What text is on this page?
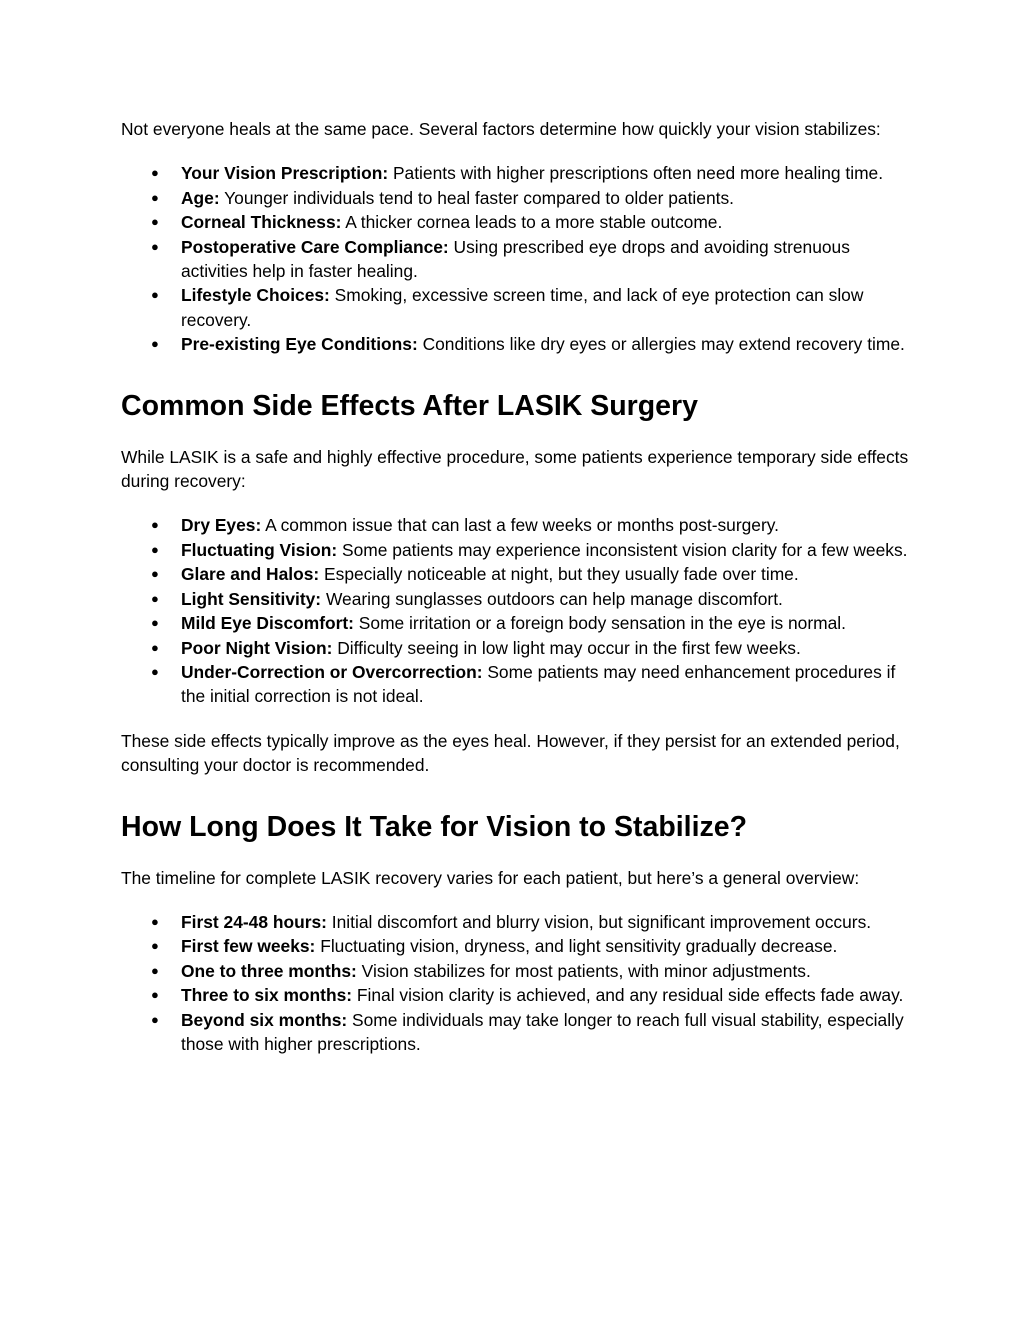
Not everyone heals at the same pace. Several factors determine how quickly your vision stabilizes:

● Your Vision Prescription: Patients with higher prescriptions often need more healing time.
● Age: Younger individuals tend to heal faster compared to older patients.
● Corneal Thickness: A thicker cornea leads to a more stable outcome.
● Postoperative Care Compliance: Using prescribed eye drops and avoiding strenuous activities help in faster healing.
● Lifestyle Choices: Smoking, excessive screen time, and lack of eye protection can slow recovery.
● Pre-existing Eye Conditions: Conditions like dry eyes or allergies may extend recovery time.
Common Side Effects After LASIK Surgery

While LASIK is a safe and highly effective procedure, some patients experience temporary side effects during recovery:

● Dry Eyes: A common issue that can last a few weeks or months post-surgery.
● Fluctuating Vision: Some patients may experience inconsistent vision clarity for a few weeks.
● Glare and Halos: Especially noticeable at night, but they usually fade over time.
● Light Sensitivity: Wearing sunglasses outdoors can help manage discomfort.
● Mild Eye Discomfort: Some irritation or a foreign body sensation in the eye is normal.
● Poor Night Vision: Difficulty seeing in low light may occur in the first few weeks.
● Under-Correction or Overcorrection: Some patients may need enhancement procedures if the initial correction is not ideal.

These side effects typically improve as the eyes heal. However, if they persist for an extended period, consulting your doctor is recommended.

How Long Does It Take for Vision to Stabilize?

The timeline for complete LASIK recovery varies for each patient, but here’s a general overview:

● First 24-48 hours: Initial discomfort and blurry vision, but significant improvement occurs.
● First few weeks: Fluctuating vision, dryness, and light sensitivity gradually decrease.
● One to three months: Vision stabilizes for most patients, with minor adjustments.
● Three to six months: Final vision clarity is achieved, and any residual side effects fade away.
● Beyond six months: Some individuals may take longer to reach full visual stability, especially those with higher prescriptions.
